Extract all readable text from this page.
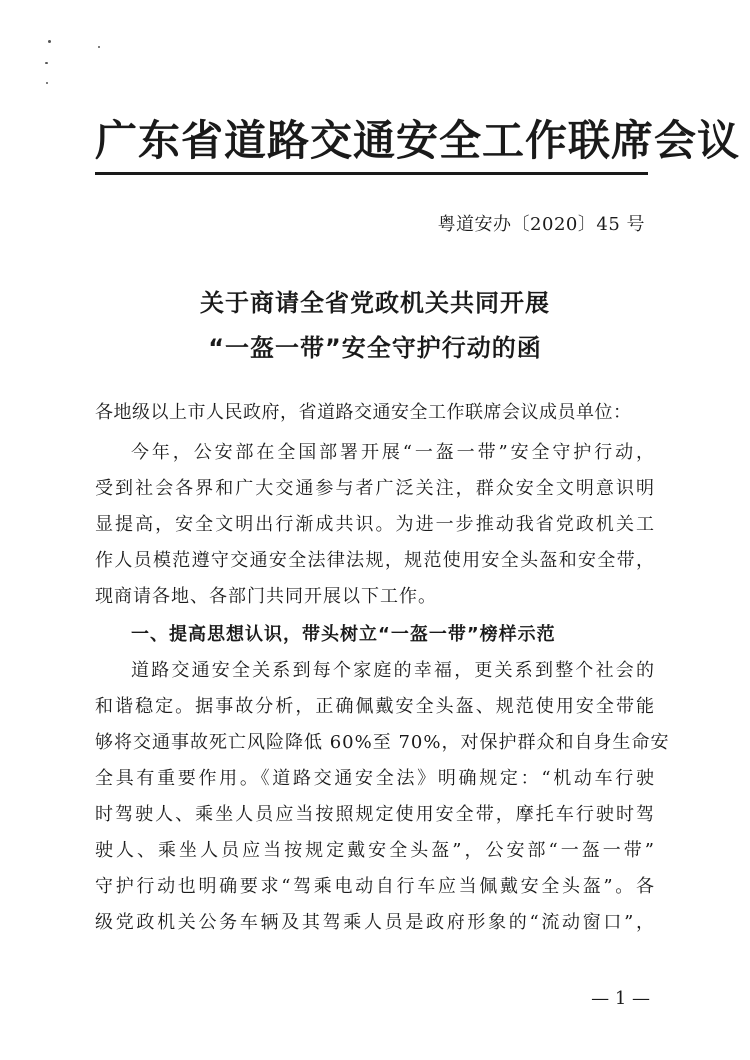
广东省道路交通安全工作联席会议
粤道安办〔2020〕45 号
关于商请全省党政机关共同开展
“一盔一带”安全守护行动的函
各地级以上市人民政府，省道路交通安全工作联席会议成员单位：
今年，公安部在全国部署开展“一盔一带”安全守护行动，
受到社会各界和广大交通参与者广泛关注，群众安全文明意识明
显提高，安全文明出行渐成共识。为进一步推动我省党政机关工
作人员模范遵守交通安全法律法规，规范使用安全头盔和安全带，
现商请各地、各部门共同开展以下工作。
一、提高思想认识，带头树立“一盔一带”榜样示范
道路交通安全关系到每个家庭的幸福，更关系到整个社会的
和谐稳定。据事故分析，正确佩戴安全头盔、规范使用安全带能
够将交通事故死亡风险降低 60%至 70%，对保护群众和自身生命安
全具有重要作用。《道路交通安全法》明确规定：“机动车行驶
时驾驶人、乘坐人员应当按照规定使用安全带，摩托车行驶时驾
驶人、乘坐人员应当按规定戴安全头盔”，公安部“一盔一带”
守护行动也明确要求“驾乘电动自行车应当佩戴安全头盔”。各
级党政机关公务车辆及其驾乘人员是政府形象的“流动窗口”，
— 1 —
